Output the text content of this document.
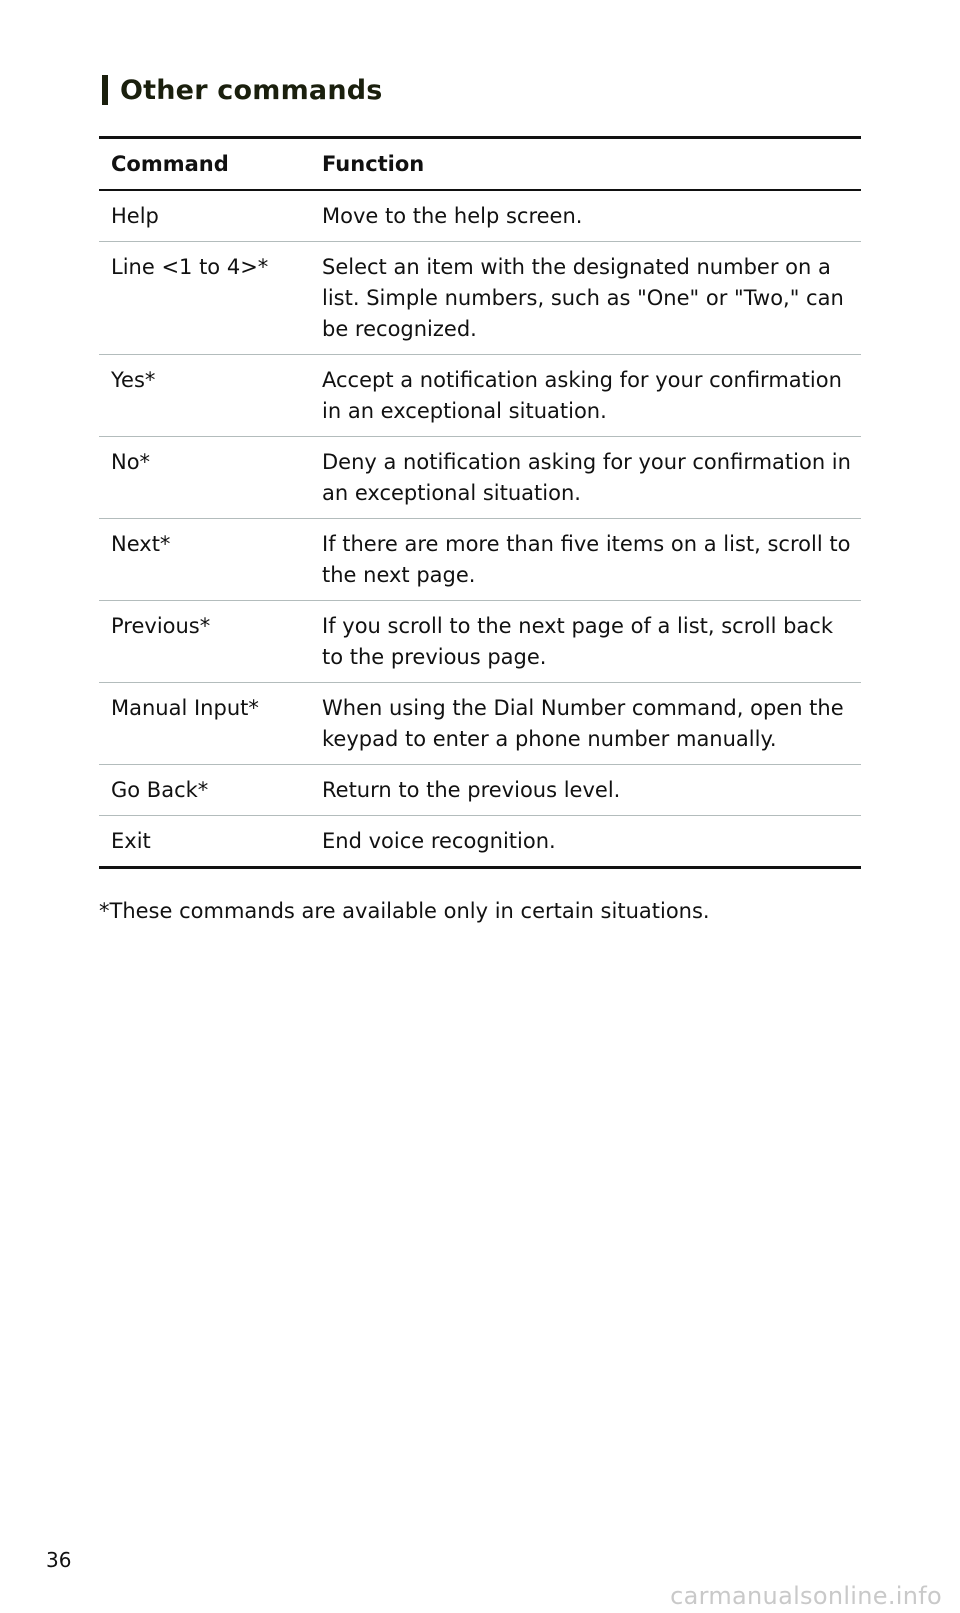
Other commands
Command	Function
Help	Move to the help screen.
Line <1 to 4>*	Select an item with the designated number on a list. Simple numbers, such as "One" or "Two," can be recognized.
Yes*	Accept a notification asking for your confirmation in an exceptional situation.
No*	Deny a notification asking for your confirmation in an exceptional situation.
Next*	If there are more than five items on a list, scroll to the next page.
Previous*	If you scroll to the next page of a list, scroll back to the previous page.
Manual Input*	When using the Dial Number command, open the keypad to enter a phone number manually.
Go Back*	Return to the previous level.
Exit	End voice recognition.
*These commands are available only in certain situations.
36
carmanualsonline.info
